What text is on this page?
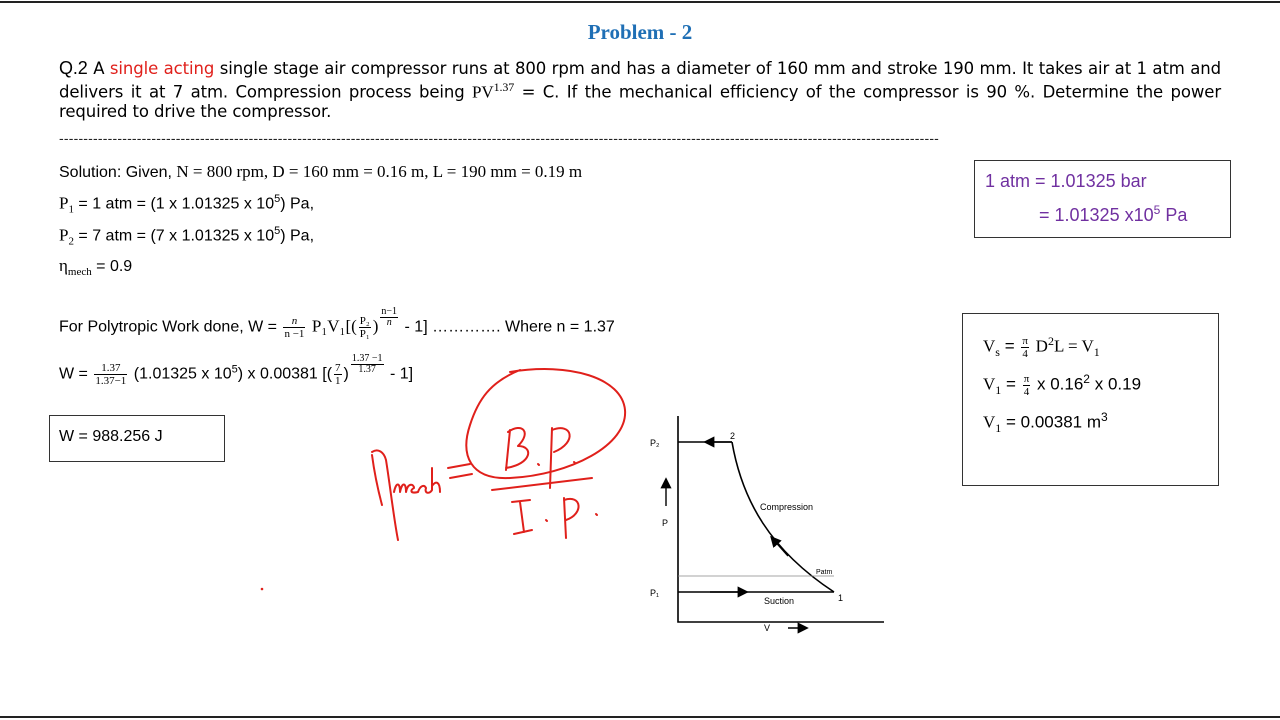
Problem - 2
Q.2 A single acting single stage air compressor runs at 800 rpm and has a diameter of 160 mm and stroke 190 mm. It takes air at 1 atm and delivers it at 7 atm. Compression process being $PV^{1.37} = C$. If the mechanical efficiency of the compressor is 90 %. Determine the power required to drive the compressor.
-------------------------------------------------------------------------------------------------------------------------------------------------------------------------------------
Solution: Given, N = 800 rpm, D = 160 mm = 0.16 m, L = 190 mm = 0.19 m
$P_1 = 1$ atm = (1 x 1.01325 x $10^5$) Pa,
$P_2 = 7$ atm = (7 x 1.01325 x $10^5$) Pa,
$\eta_{mech} = 0.9$
1 atm = 1.01325 bar
= 1.01325 $x10^5$ Pa
For Polytropic Work done, $W = \frac{n}{n -1} P_1V_1[( \frac{\text{P₂}}{\text{P₁}}$ ) $\frac{n-1}{n} - 1$] …………. Where n = 1.37
$W = \frac{1.37}{1.37-1} (1.01325$ x $10^5$) x 0.00381 [( $\frac{7}{1}$ ) $\frac{1.37 -1}{1.37} - 1$]
W = 988.256 J
$V_s = \frac{\pi}{4} D^2L = V_1$
$V_1 = \frac{\pi}{4}$ x 0.16$^2$ x 0.19
$V_1 = 0.00381$ $m^3$
P₂
P₁
P
V
2
1
Compression
Suction
Patm
